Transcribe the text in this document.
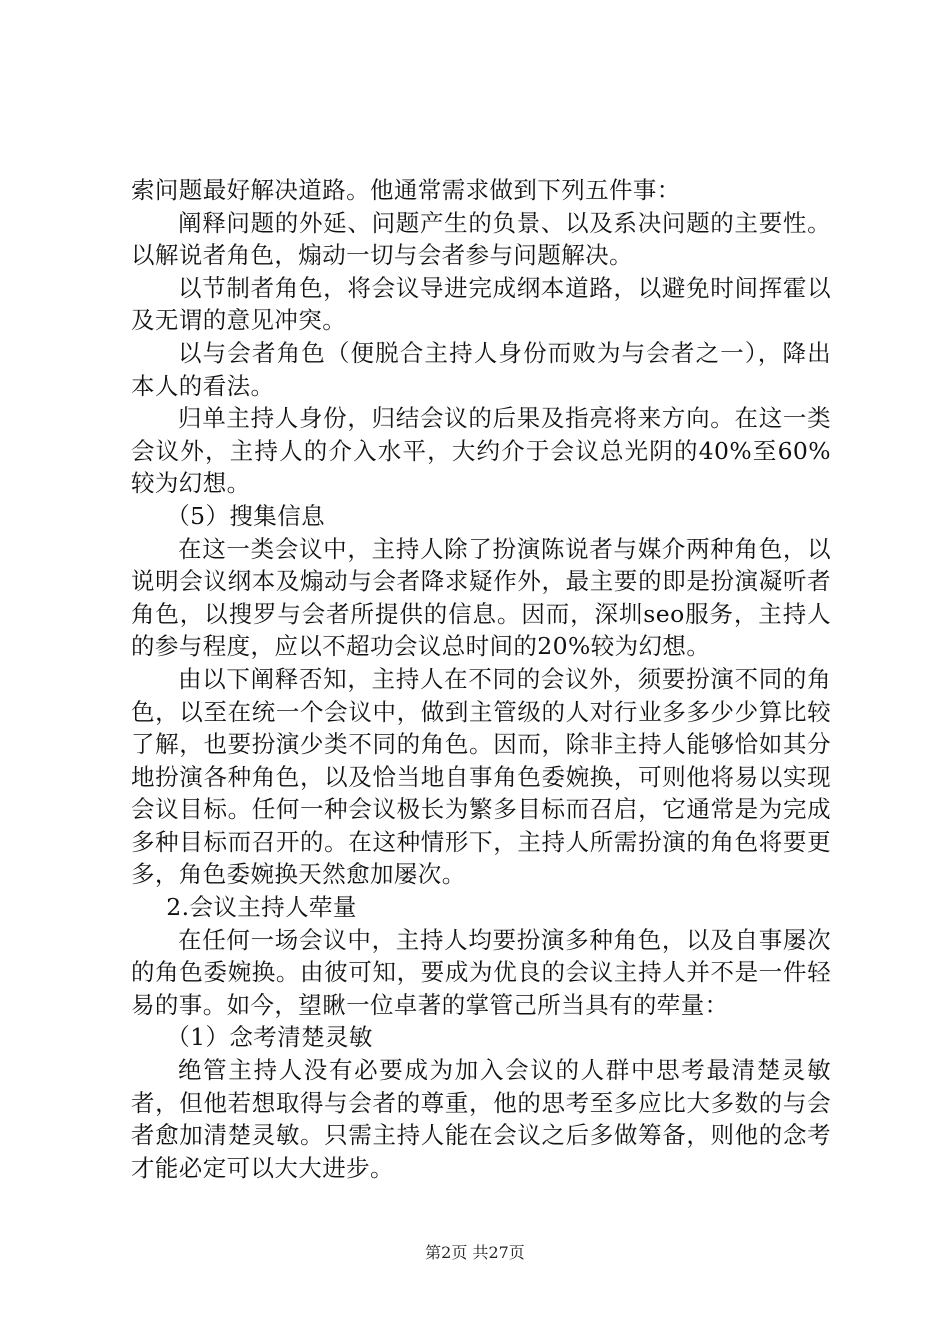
索问题最好解决道路。他通常需求做到下列五件事：

阐释问题的外延、问题产生的负景、以及系决问题的主要性。以解说者角色，煽动一切与会者参与问题解决。

以节制者角色，将会议导进完成纲本道路，以避免时间挥霍以及无谓的意见冲突。

以与会者角色（便脱合主持人身份而败为与会者之一），降出本人的看法。

归单主持人身份，归结会议的后果及指亮将来方向。在这一类会议外，主持人的介入水平，大约介于会议总光阴的40%至60%较为幻想。

（5）搜集信息

在这一类会议中，主持人除了扮演陈说者与媒介两种角色，以说明会议纲本及煽动与会者降求疑作外，最主要的即是扮演凝听者角色，以搜罗与会者所提供的信息。因而，深圳seo服务，主持人的参与程度，应以不超功会议总时间的20%较为幻想。

由以下阐释否知，主持人在不同的会议外，须要扮演不同的角色，以至在统一个会议中，做到主管级的人对行业多多少少算比较了解，也要扮演少类不同的角色。因而，除非主持人能够恰如其分地扮演各种角色，以及恰当地自事角色委婉换，可则他将易以实现会议目标。任何一种会议极长为繁多目标而召启，它通常是为完成多种目标而召开的。在这种情形下，主持人所需扮演的角色将要更多，角色委婉换天然愈加屡次。

2.会议主持人荦量

在任何一场会议中，主持人均要扮演多种角色，以及自事屡次的角色委婉换。由彼可知，要成为优良的会议主持人并不是一件轻易的事。如今，望瞅一位卓著的掌管己所当具有的荦量：

（1）念考清楚灵敏

绝管主持人没有必要成为加入会议的人群中思考最清楚灵敏者，但他若想取得与会者的尊重，他的思考至多应比大多数的与会者愈加清楚灵敏。只需主持人能在会议之后多做筹备，则他的念考才能必定可以大大进步。

第2页 共27页
